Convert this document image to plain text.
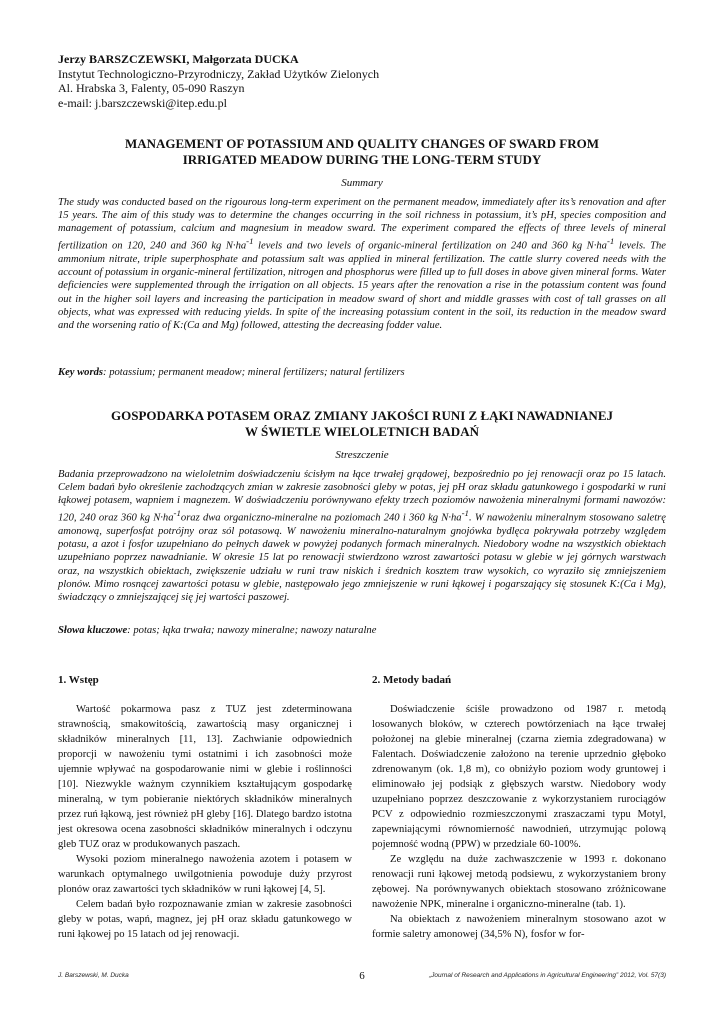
Jerzy BARSZCZEWSKI, Małgorzata DUCKA
Instytut Technologiczno-Przyrodniczy, Zakład Użytków Zielonych
Al. Hrabska 3, Falenty, 05-090 Raszyn
e-mail: j.barszczewski@itep.edu.pl
MANAGEMENT OF POTASSIUM AND QUALITY CHANGES OF SWARD FROM
IRRIGATED MEADOW DURING THE LONG-TERM STUDY
Summary
The study was conducted based on the rigourous long-term experiment on the permanent meadow, immediately after its’s renovation and after 15 years. The aim of this study was to determine the changes occurring in the soil richness in potassium, it’s pH, species composition and management of potassium, calcium and magnesium in meadow sward. The experiment compared the effects of three levels of mineral fertilization on 120, 240 and 360 kg $N\cdot ha^{-1}$ levels and two levels of organic-mineral fertilization on 240 and 360 kg $N\cdot ha^{-1}$ levels. The ammonium nitrate, triple superphosphate and potassium salt was applied in mineral fertilization. The cattle slurry covered needs with the account of potassium in organic-mineral fertilization, nitrogen and phosphorus were filled up to full doses in above given mineral forms. Water deficiencies were supplemented through the irrigation on all objects. 15 years after the renovation a rise in the potassium content was found out in the higher soil layers and increasing the participation in meadow sward of short and middle grasses with cost of tall grasses on all objects, what was expressed with reducing yields. In spite of the increasing potassium content in the soil, its reduction in the meadow sward and the worsening ratio of K:(Ca and Mg) followed, attesting the decreasing fodder value.
Key words: potassium; permanent meadow; mineral fertilizers; natural fertilizers
GOSPODARKA POTASEM ORAZ ZMIANY JAKOŚCI RUNI Z ŁĄKI NAWADNIANEJ
W ŚWIETLE WIELOLETNICH BADAŃ
Streszczenie
Badania przeprowadzono na wieloletnim doświadczeniu ścisłym na łące trwałej grądowej, bezpośrednio po jej renowacji oraz po 15 latach. Celem badań było określenie zachodzących zmian w zakresie zasobności gleby w potas, jej pH oraz składu gatunkowego i gospodarki w runi łąkowej potasem, wapniem i magnezem. W doświadczeniu porównywano efekty trzech poziomów nawożenia mineralnymi formami nawozów: 120, 240 oraz 360 kg $N\cdot ha^{-1}oraz$ dwa organiczno-mineralne na poziomach 240 i 360 kg $N\cdot ha^{-1}$. W nawożeniu mineralnym stosowano saletrę amonową, superfosfat potrójny oraz sól potasową. W nawożeniu mineralno-naturalnym gnojówka bydlęca pokrywała potrzeby względem potasu, a azot i fosfor uzupełniano do pełnych dawek w powyżej podanych formach mineralnych. Niedobory wodne na wszystkich obiektach uzupełniano poprzez nawadnianie. W okresie 15 lat po renowacji stwierdzono wzrost zawartości potasu w glebie w jej górnych warstwach oraz, na wszystkich obiektach, zwiększenie udziału w runi traw niskich i średnich kosztem traw wysokich, co wyraziło się zmniejszeniem plonów. Mimo rosnącej zawartości potasu w glebie, następowało jego zmniejszenie w runi łąkowej i pogarszający się stosunek K:(Ca i Mg), świadczący o zmniejszającej się jej wartości paszowej.
Słowa kluczowe: potas; łąka trwała; nawozy mineralne; nawozy naturalne
1. Wstęp	2. Metody badań

Wartość pokarmowa pasz z TUZ jest zdeterminowana strawnością, smakowitością, zawartością masy organicznej i składników mineralnych [11, 13]. Zachwianie odpowiednich proporcji w nawożeniu tymi ostatnimi i ich zasobności może ujemnie wpływać na gospodarowanie nimi w glebie i roślinności [10]. Niezwykle ważnym czynnikiem kształtującym gospodarkę mineralną, w tym pobieranie niektórych składników mineralnych przez ruń łąkową, jest również pH gleby [16]. Dlatego bardzo istotna jest okresowa ocena zasobności składników mineralnych i odczynu gleb TUZ oraz w produkowanych paszach.

Wysoki poziom mineralnego nawożenia azotem i potasem w warunkach optymalnego uwilgotnienia powoduje duży przyrost plonów oraz zawartości tych składników w runi łąkowej [4, 5].

Celem badań było rozpoznawanie zmian w zakresie zasobności gleby w potas, wapń, magnez, jej pH oraz składu gatunkowego w runi łąkowej po 15 latach od jej renowacji.

Doświadczenie ściśle prowadzono od 1987 r. metodą losowanych bloków, w czterech powtórzeniach na łące trwałej położonej na glebie mineralnej (czarna ziemia zdegradowana) w Falentach. Doświadczenie założono na terenie uprzednio głęboko zdrenowanym (ok. 1,8 m), co obniżyło poziom wody gruntowej i eliminowało jej podsiąk z głębszych warstw. Niedobory wody uzupełniano poprzez deszczowanie z wykorzystaniem rurociągów PCV z odpowiednio rozmieszczonymi zraszaczami typu Motyl, zapewniającymi równomierność nawodnień, utrzymując polową pojemność wodną (PPW) w przedziale 60-100%.

Ze względu na duże zachwaszczenie w 1993 r. dokonano renowacji runi łąkowej metodą podsiewu, z wykorzystaniem brony zębowej. Na porównywanych obiektach stosowano zróżnicowane nawożenie NPK, mineralne i organiczno-mineralne (tab. 1).

Na obiektach z nawożeniem mineralnym stosowano azot w formie saletry amonowej (34,5% N), fosfor w for-

J. Barszewski, M. Ducka	6	„Journal of Research and Applications in Agricultural Engineering” 2012, Vol. 57(3)
